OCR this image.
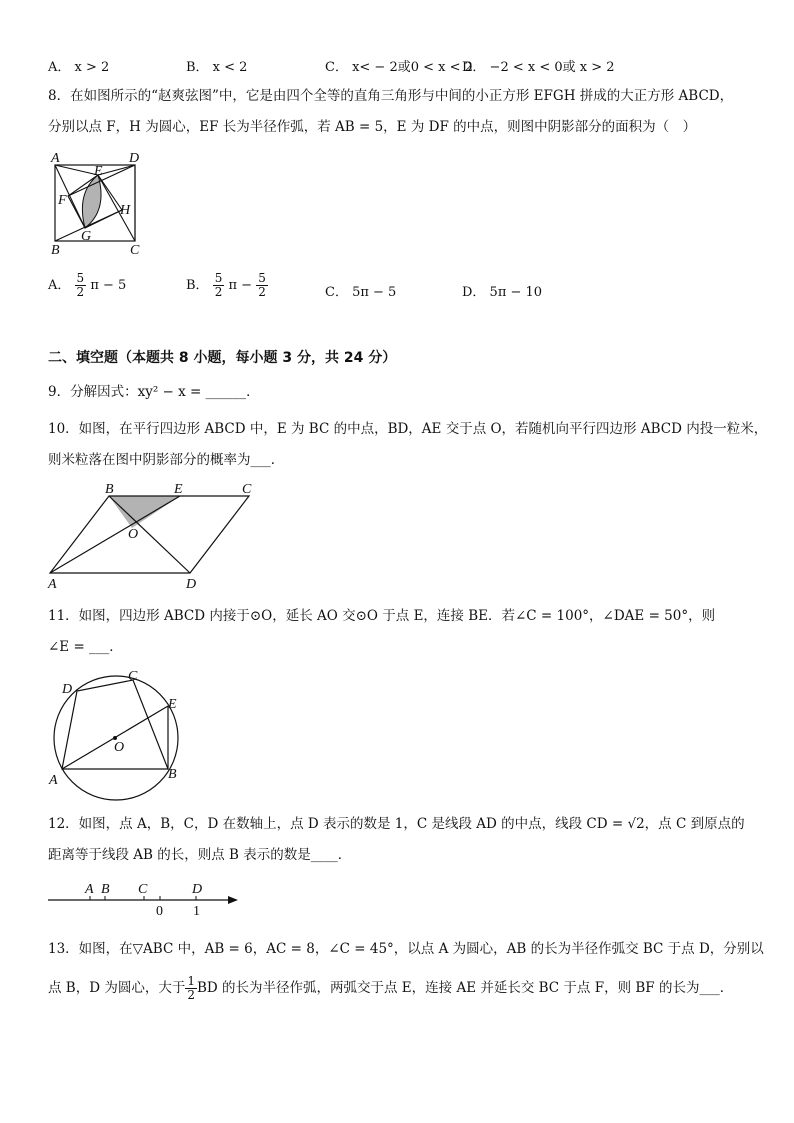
A． x > 2	B． x < 2	C． x< − 2或0 < x < 2
D． −2 < x < 0或 x > 2
8．在如图所示的“赵爽弦图”中，它是由四个全等的直角三角形与中间的小正方形 EFGH 拼成的大正方形 ABCD，
分别以点 F，H 为圆心，EF 长为半径作弧，若 AB = 5，E 为 DF 的中点，则图中阴影部分的面积为（　）
A	D
B	C
E
F
G
H
A． $\frac{5}{2}$ π − 5	B． $\frac{5}{2}$ $\pi - \frac{5}{2}$	C． 5π − 5	D． 5π − 10
二、填空题（本题共 8 小题，每小题 3 分，共 24 分）
9．分解因式：xy² − x = ______．
10．如图，在平行四边形 ABCD 中，E 为 BC 的中点，BD，AE 交于点 O，若随机向平行四边形 ABCD 内投一粒米，
则米粒落在图中阴影部分的概率为___．
B	E	C
O
A	D
11．如图，四边形 ABCD 内接于⊙O，延长 AO 交⊙O 于点 E，连接 BE．若∠C = 100°，∠DAE = 50°，则
∠E = ___．
A	B
C
D
E
O
12．如图，点 A，B，C，D 在数轴上，点 D 表示的数是 1，C 是线段 AD 的中点，线段 CD = √2，点 C 到原点的
距离等于线段 AB 的长，则点 B 表示的数是____．
A B C	D
0 1
13．如图，在▽ABC 中，AB = 6，AC = 8，∠C = 45°，以点 A 为圆心，AB 的长为半径作弧交 BC 于点 D，分别以
点 B，D 为圆心，大于 $\frac{1}{2}$ BD 的长为半径作弧，两弧交于点 E，连接 AE 并延长交 BC 于点 F，则 BF 的长为___．
